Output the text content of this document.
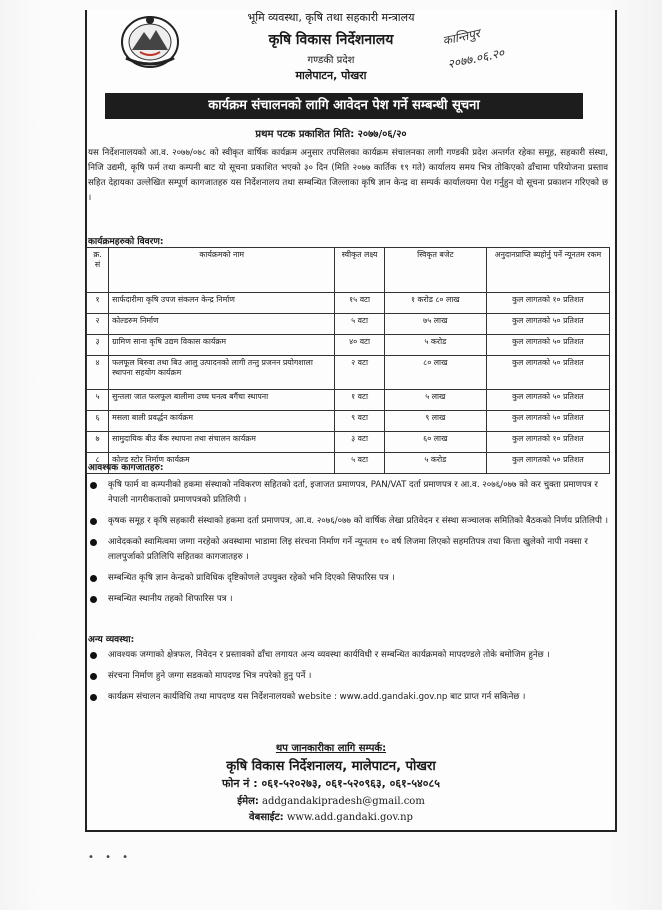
भूमि व्यवस्था, कृषि तथा सहकारी मन्त्रालय
कृषि विकास निर्देशनालय
गण्डकी प्रदेश
मालेपाटन, पोखरा
कान्तिपुर
२०७७.०६.२०
कार्यक्रम संचालनको लागि आवेदन पेश गर्ने सम्बन्धी सूचना
प्रथम पटक प्रकाशित मिति: २०७७/०६/२०
यस निर्देशनालयको आ.व. २०७७/०७८ को स्वीकृत वार्षिक कार्यक्रम अनुसार तपसिलका कार्यक्रम संचालनका लागी गण्डकी प्रदेश अन्तर्गत रहेका समूह, सहकारी संस्था, निजि उद्यमी, कृषि फर्म तथा कम्पनी बाट यो सूचना प्रकाशित भएको ३० दिन (मिति २०७७ कार्तिक १९ गते) कार्यालय समय भित्र तोकिएको ढाँचामा परियोजना प्रस्ताव सहित देहायका उल्लेखित सम्पूर्ण कागजातहरु यस निर्देशनालय तथा सम्बन्धित जिल्लाका कृषि ज्ञान केन्द्र वा सम्पर्क कार्यालयमा पेश गर्नुहुन यो सूचना प्रकाशन गरिएको छ ।
कार्यक्रमहरुको विवरण:
क्र. सं	कार्यक्रमको नाम	स्वीकृत लक्ष्य	स्विकृत बजेट	अनुदानप्राप्ति ब्यहोर्नु पर्ने न्यूनतम रकम
१	सार्फदारीमा कृषि उपज संकलन केन्द्र निर्माण	१५ वटा	१ करोड ८० लाख	कुल लागतको १० प्रतिशत
२	कोल्डरुम निर्माण	५ वटा	७५ लाख	कुल लागतको ५० प्रतिशत
३	ग्रामिण साना कृषि उद्यम विकास कार्यक्रम	४० वटा	५ करोड	कुल लागतको ५० प्रतिशत
४	फलफूल बिरुवा तथा बिउ आलु उत्पादनको लागी तन्तु प्रजनन प्रयोगशाला स्थापना सहयोग कार्यक्रम	२ वटा	८० लाख	कुल लागतको ५० प्रतिशत
५	सुन्तला जात फलफूल बालीमा उच्च घनत्व बगैंचा स्थापना	१ वटा	५ लाख	कुल लागतको ५० प्रतिशत
६	मसला बाली प्रवर्द्धन कार्यक्रम	९ वटा	९ लाख	कुल लागतको ५० प्रतिशत
७	सामुदायिक बीउ बैंक स्थापना तथा संचालन कार्यक्रम	३ वटा	६० लाख	कुल लागतको १० प्रतिशत
८	कोल्ड स्टोर निर्माण कार्यक्रम	५ वटा	५ करोड	कुल लागतको ५० प्रतिशत
आवश्यक कागजातहरु:
कृषि फार्म वा कम्पनीको हकमा संस्थाको नविकरण सहितको दर्ता, इजाजत प्रमाणपत्र, PAN/VAT दर्ता प्रमाणपत्र र आ.व. २०७६/०७७ को कर चुक्ता प्रमाणपत्र र नेपाली नागरीकताको प्रमाणपत्रको प्रतिलिपी ।
कृषक समूह र कृषि सहकारी संस्थाको हकमा दर्ता प्रमाणपत्र, आ.व. २०७६/०७७ को वार्षिक लेखा प्रतिवेदन र संस्था सञ्चालक समितिको बैठकको निर्णय प्रतिलिपी ।
आवेदकको स्वामित्वमा जग्गा नरहेको अवस्थामा भाडामा लिइ संरचना निर्माण गर्ने न्यूनतम १० वर्ष लिजमा लिएको सहमतिपत्र तथा कित्ता खुलेको नापी नक्सा र लालपुर्जाको प्रतिलिपि सहितका कागजातहरु ।
सम्बन्धित कृषि ज्ञान केन्द्रको प्राविधिक दृष्टिकोणले उपयुक्त रहेको भनि दिएको सिफारिस पत्र ।
सम्बन्धित स्थानीय तहको शिफारिस पत्र ।
अन्य व्यवस्था:
आवश्यक जग्गाको क्षेत्रफल, निवेदन र प्रस्तावको ढाँचा लगायत अन्य व्यवस्था कार्यविधी र सम्बन्धित कार्यक्रमको मापदण्डले तोके बमोजिम हुनेछ ।
संरचना निर्माण हुने जग्गा सडकको मापदण्ड भित्र नपरेको हुनु पर्ने ।
कार्यक्रम संचालन कार्यविधि तथा मापदण्ड यस निर्देशनालयको website : www.add.gandaki.gov.np बाट प्राप्त गर्न सकिनेछ ।
थप जानकारीका लागि सम्पर्क:
कृषि विकास निर्देशनालय, मालेपाटन, पोखरा
फोन नं : ०६१-५२०२७३, ०६१-५२०९६३, ०६१-५४०८५
ईमेल: addgandakipradesh@gmail.com
वेबसाईट: www.add.gandaki.gov.np
• • •
